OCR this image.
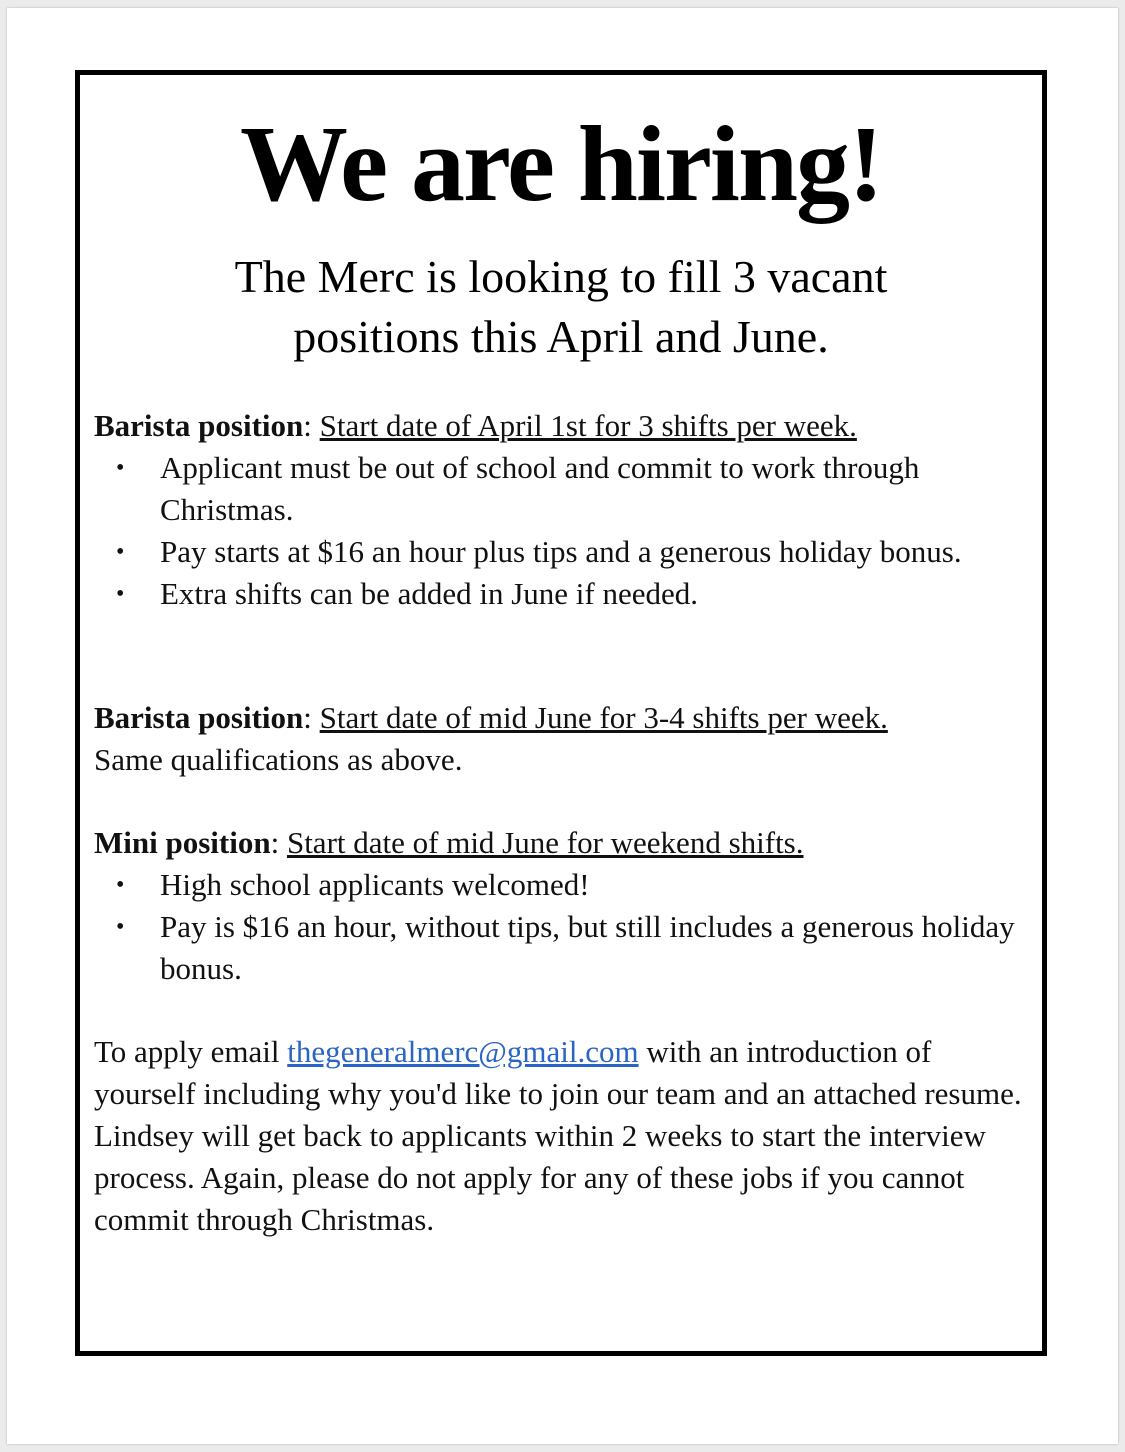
We are hiring!
The Merc is looking to fill 3 vacant
positions this April and June.
Barista position: Start date of April 1st for 3 shifts per week.
• Applicant must be out of school and commit to work through Christmas.
• Pay starts at $16 an hour plus tips and a generous holiday bonus.
• Extra shifts can be added in June if needed.
Barista position: Start date of mid June for 3-4 shifts per week.
Same qualifications as above.
Mini position: Start date of mid June for weekend shifts.
• High school applicants welcomed!
• Pay is $16 an hour, without tips, but still includes a generous holiday bonus.
To apply email thegeneralmerc@gmail.com with an introduction of yourself including why you'd like to join our team and an attached resume. Lindsey will get back to applicants within 2 weeks to start the interview process. Again, please do not apply for any of these jobs if you cannot commit through Christmas.
